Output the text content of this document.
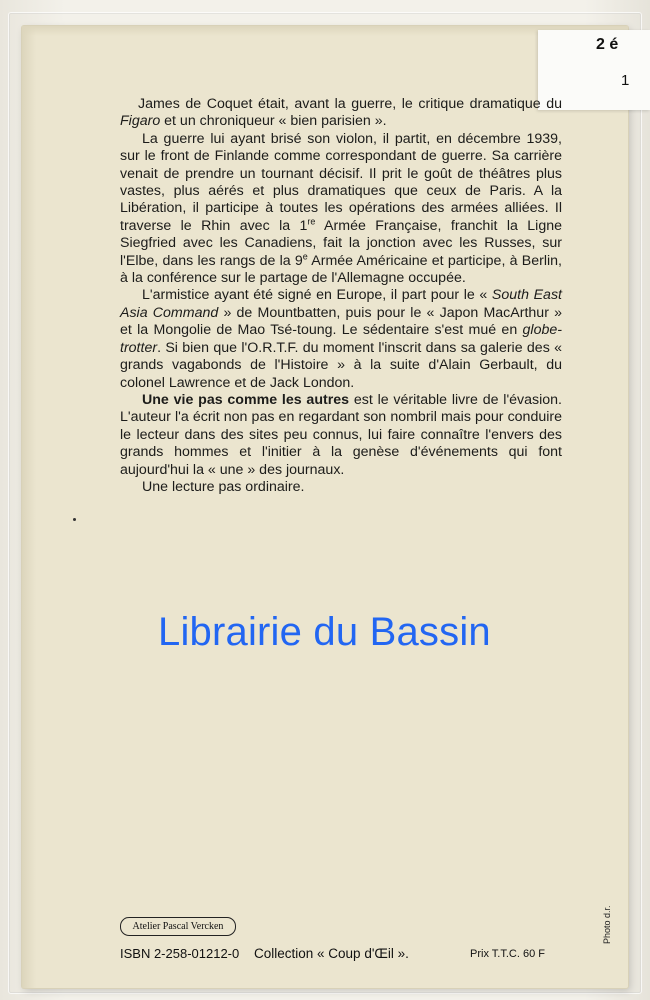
2 é
1

James de Coquet était, avant la guerre, le critique dramatique du Figaro et un chroniqueur « bien parisien ».

La guerre lui ayant brisé son violon, il partit, en décembre 1939, sur le front de Finlande comme correspondant de guerre. Sa carrière venait de prendre un tournant décisif. Il prit le goût de théâtres plus vastes, plus aérés et plus dramatiques que ceux de Paris. A la Libération, il participe à toutes les opérations des armées alliées. Il traverse le Rhin avec la 1re Armée Française, franchit la Ligne Siegfried avec les Canadiens, fait la jonction avec les Russes, sur l'Elbe, dans les rangs de la 9e Armée Américaine et participe, à Berlin, à la conférence sur le partage de l'Allemagne occupée.

L'armistice ayant été signé en Europe, il part pour le « South East Asia Command » de Mountbatten, puis pour le « Japon MacArthur » et la Mongolie de Mao Tsé-toung. Le sédentaire s'est mué en globe-trotter. Si bien que l'O.R.T.F. du moment l'inscrit dans sa galerie des « grands vagabonds de l'Histoire » à la suite d'Alain Gerbault, du colonel Lawrence et de Jack London.

Une vie pas comme les autres est le véritable livre de l'évasion. L'auteur l'a écrit non pas en regardant son nombril mais pour conduire le lecteur dans des sites peu connus, lui faire connaître l'envers des grands hommes et l'initier à la genèse d'événements qui font aujourd'hui la « une » des journaux.

Une lecture pas ordinaire.

Librairie du Bassin
Atelier Pascal Vercken
ISBN 2-258-01212-0 Collection « Coup d'Œil ».	Prix T.T.C. 60 F
Photo d.r.
